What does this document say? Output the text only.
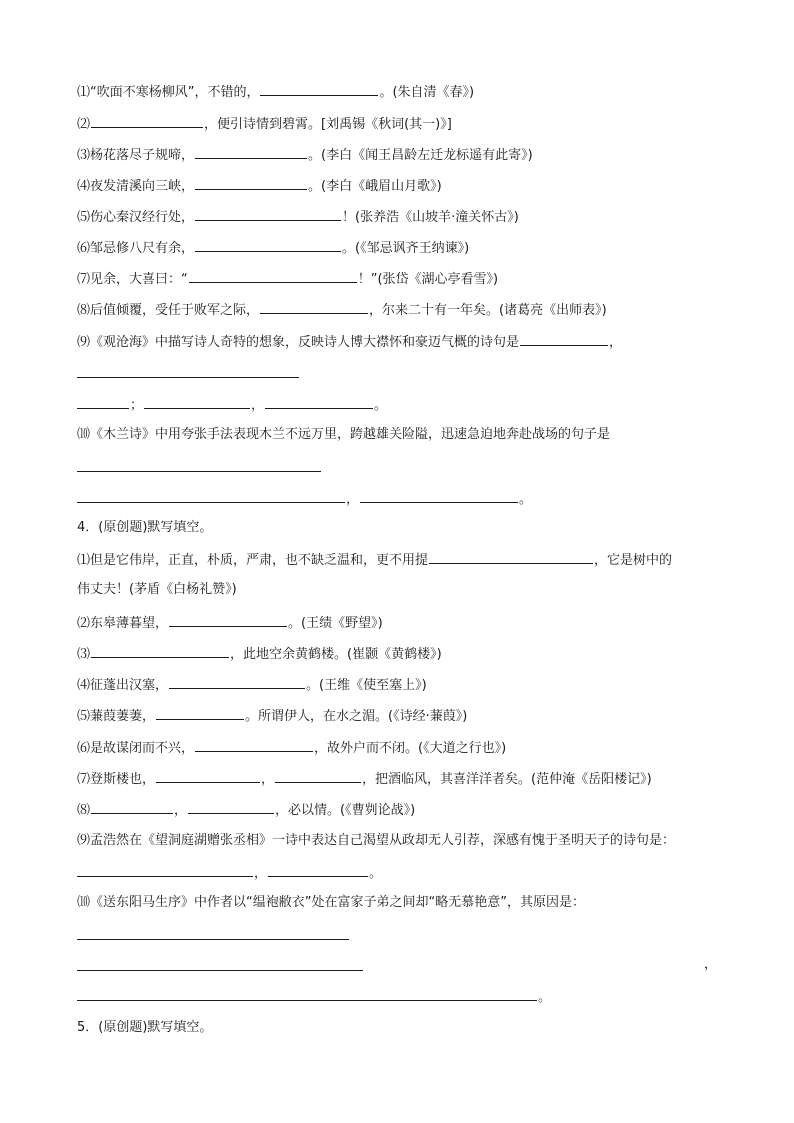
⑴“吹面不寒杨柳风”，不错的，	。(朱自清《春》)
⑵	，便引诗情到碧霄。[刘禹锡《秋词(其一)》]
⑶杨花落尽子规啼，	。(李白《闻王昌龄左迁龙标遥有此寄》)
⑷夜发清溪向三峡，	。(李白《峨眉山月歌》)
⑸伤心秦汉经行处，	！(张养浩《山坡羊·潼关怀古》)
⑹邹忌修八尺有余，	。(《邹忌讽齐王纳谏》)
⑺见余，大喜曰：“	！”(张岱《湖心亭看雪》)
⑻后值倾覆，受任于败军之际，	，尔来二十有一年矣。(诸葛亮《出师表》)
⑼《观沧海》中描写诗人奇特的想象，反映诗人博大襟怀和豪迈气概的诗句是	，
；	，	。
⑽《木兰诗》中用夸张手法表现木兰不远万里，跨越雄关险隘，迅速急迫地奔赴战场的句子是
，	。
4．(原创题)默写填空。
⑴但是它伟岸，正直，朴质，严肃，也不缺乏温和，更不用提	，它是树中的
伟丈夫！(茅盾《白杨礼赞》)
⑵东皋薄暮望，	。(王绩《野望》)
⑶	，此地空余黄鹤楼。(崔颢《黄鹤楼》)
⑷征蓬出汉塞，	。(王维《使至塞上》)
⑸蒹葭萋萋，	。所谓伊人，在水之湄。(《诗经·蒹葭》)
⑹是故谋闭而不兴，	，故外户而不闭。(《大道之行也》)
⑺登斯楼也，	，	，把酒临风，其喜洋洋者矣。(范仲淹《岳阳楼记》)
⑻	，	，必以情。(《曹刿论战》)
⑼孟浩然在《望洞庭湖赠张丞相》一诗中表达自己渴望从政却无人引荐，深感有愧于圣明天子的诗句是：
，	。
⑽《送东阳马生序》中作者以“缊袍敝衣”处在富家子弟之间却“略无慕艳意”，其原因是：
，
。
5．(原创题)默写填空。
